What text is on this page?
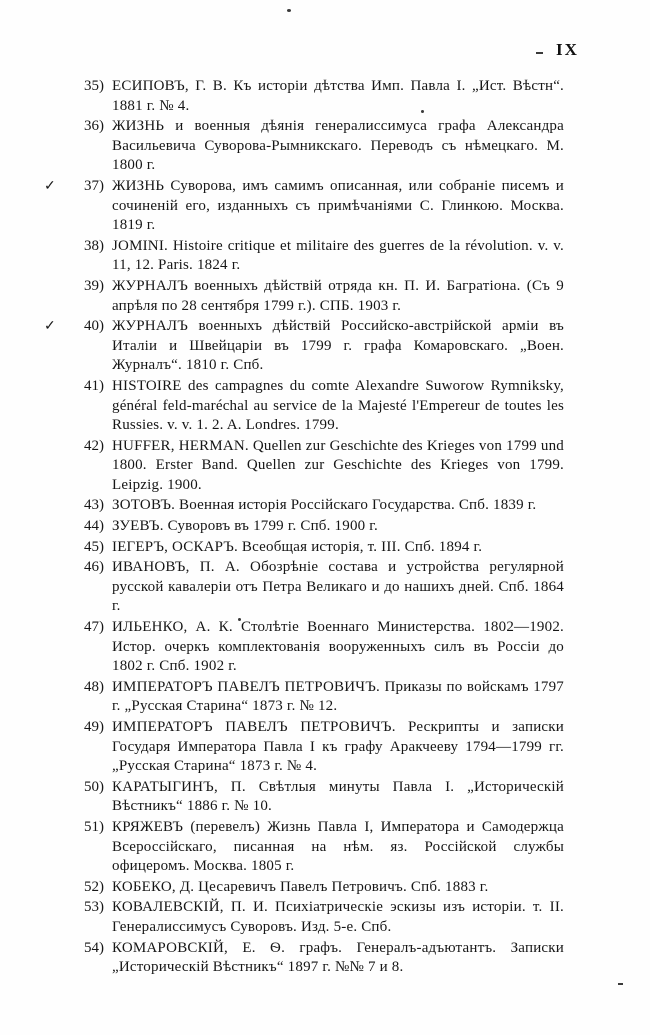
IX
35) ЕСИПОВЪ, Г. В. Къ исторіи дѣтства Имп. Павла I. „Ист. Вѣстн“. 1881 г. № 4.
36) ЖИЗНЬ и военныя дѣянія генералиссимуса графа Александра Васильевича Суворова-Рымникскаго. Переводъ съ нѣмецкаго. М. 1800 г.
✓	37) ЖИЗНЬ Суворова, имъ самимъ описанная, или собраніе писемъ и сочиненій его, изданныхъ съ примѣчаніями С. Глинкою. Москва. 1819 г.
38) JOMINI. Histoire critique et militaire des guerres de la révolution. v. v. 11, 12. Paris. 1824 г.
39) ЖУРНАЛЪ военныхъ дѣйствій отряда кн. П. И. Багратіона. (Съ 9 апрѣля по 28 сентября 1799 г.). СПБ. 1903 г.
✓	40) ЖУРНАЛЪ военныхъ дѣйствій Российско-австрійской арміи въ Италіи и Швейцаріи въ 1799 г. графа Комаровскаго. „Воен. Журналъ“. 1810 г. Спб.
41) HISTOIRE des campagnes du comte Alexandre Suworow Rymniksky, général feld-maréchal au service de la Majesté l'Empereur de toutes les Russies. v. v. 1. 2. A. Londres. 1799.
42) HUFFER, HERMAN. Quellen zur Geschichte des Krieges von 1799 und 1800. Erster Band. Quellen zur Geschichte des Krieges von 1799. Leipzig. 1900.
43) ЗОТОВЪ. Военная исторія Россійскаго Государства. Спб. 1839 г.
44) ЗУЕВЪ. Суворовъ въ 1799 г. Спб. 1900 г.
45) ІЕГЕРЪ, ОСКАРЪ. Всеобщая исторія, т. III. Спб. 1894 г.
46) ИВАНОВЪ, П. А. Обозрѣніе состава и устройства регулярной русской кавалеріи отъ Петра Великаго и до нашихъ дней. Спб. 1864 г.
47) ИЛЬЕНКО, А. К. Столѣтіе Военнаго Министерства. 1802—1902. Истор. очеркъ комплектованія вооруженныхъ силъ въ Россіи до 1802 г. Спб. 1902 г.
48) ИМПЕРАТОРЪ ПАВЕЛЪ ПЕТРОВИЧЪ. Приказы по войскамъ 1797 г. „Русская Старина“ 1873 г. № 12.
49) ИМПЕРАТОРЪ ПАВЕЛЪ ПЕТРОВИЧЪ. Рескрипты и записки Государя Императора Павла I къ графу Аракчееву 1794—1799 гг. „Русская Старина“ 1873 г. № 4.
50) КАРАТЫГИНЪ, П. Свѣтлыя минуты Павла I. „Историческій Вѣстникъ“ 1886 г. № 10.
51) КРЯЖЕВЪ (перевелъ) Жизнь Павла I, Императора и Самодержца Всероссійскаго, писанная на нѣм. яз. Россійской службы офицеромъ. Москва. 1805 г.
52) КОБЕКО, Д. Цесаревичъ Павелъ Петровичъ. Спб. 1883 г.
53) КОВАЛЕВСКІЙ, П. И. Психіатрическіе эскизы изъ исторіи. т. II. Генералиссимусъ Суворовъ. Изд. 5-е. Спб.
54) КОМАРОВСКІЙ, Е. Ѳ. графъ. Генералъ-адъютантъ. Записки „Историческій Вѣстникъ“ 1897 г. №№ 7 и 8.
